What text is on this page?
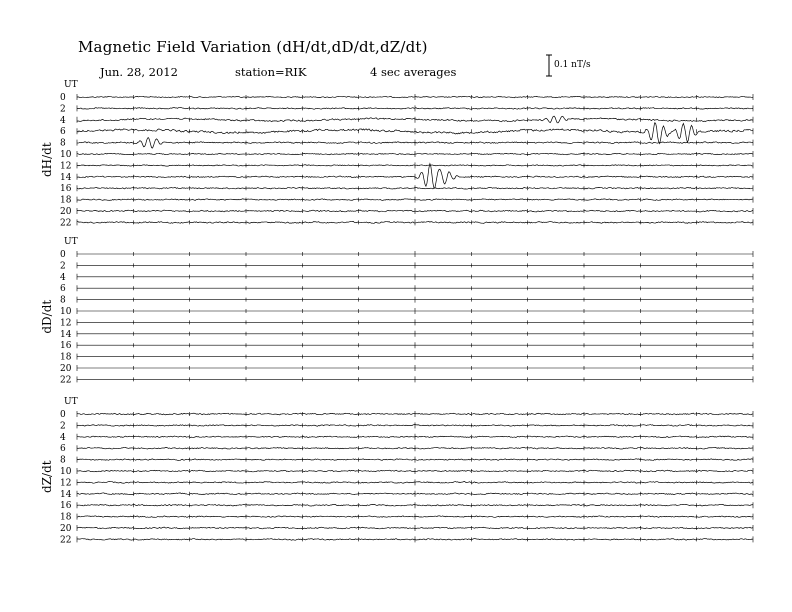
Magnetic Field Variation (dH/dt,dD/dt,dZ/dt)
Jun. 28, 2012	station=RIK	4 sec averages	0.1 nT/s
UT
dH/dt
0
2
4
6
8
10
12
14
16
18
20
22
UT
dD/dt
0
2
4
6
8
10
12
14
16
18
20
22
UT
dZ/dt
0
2
4
6
8
10
12
14
16
18
20
22
